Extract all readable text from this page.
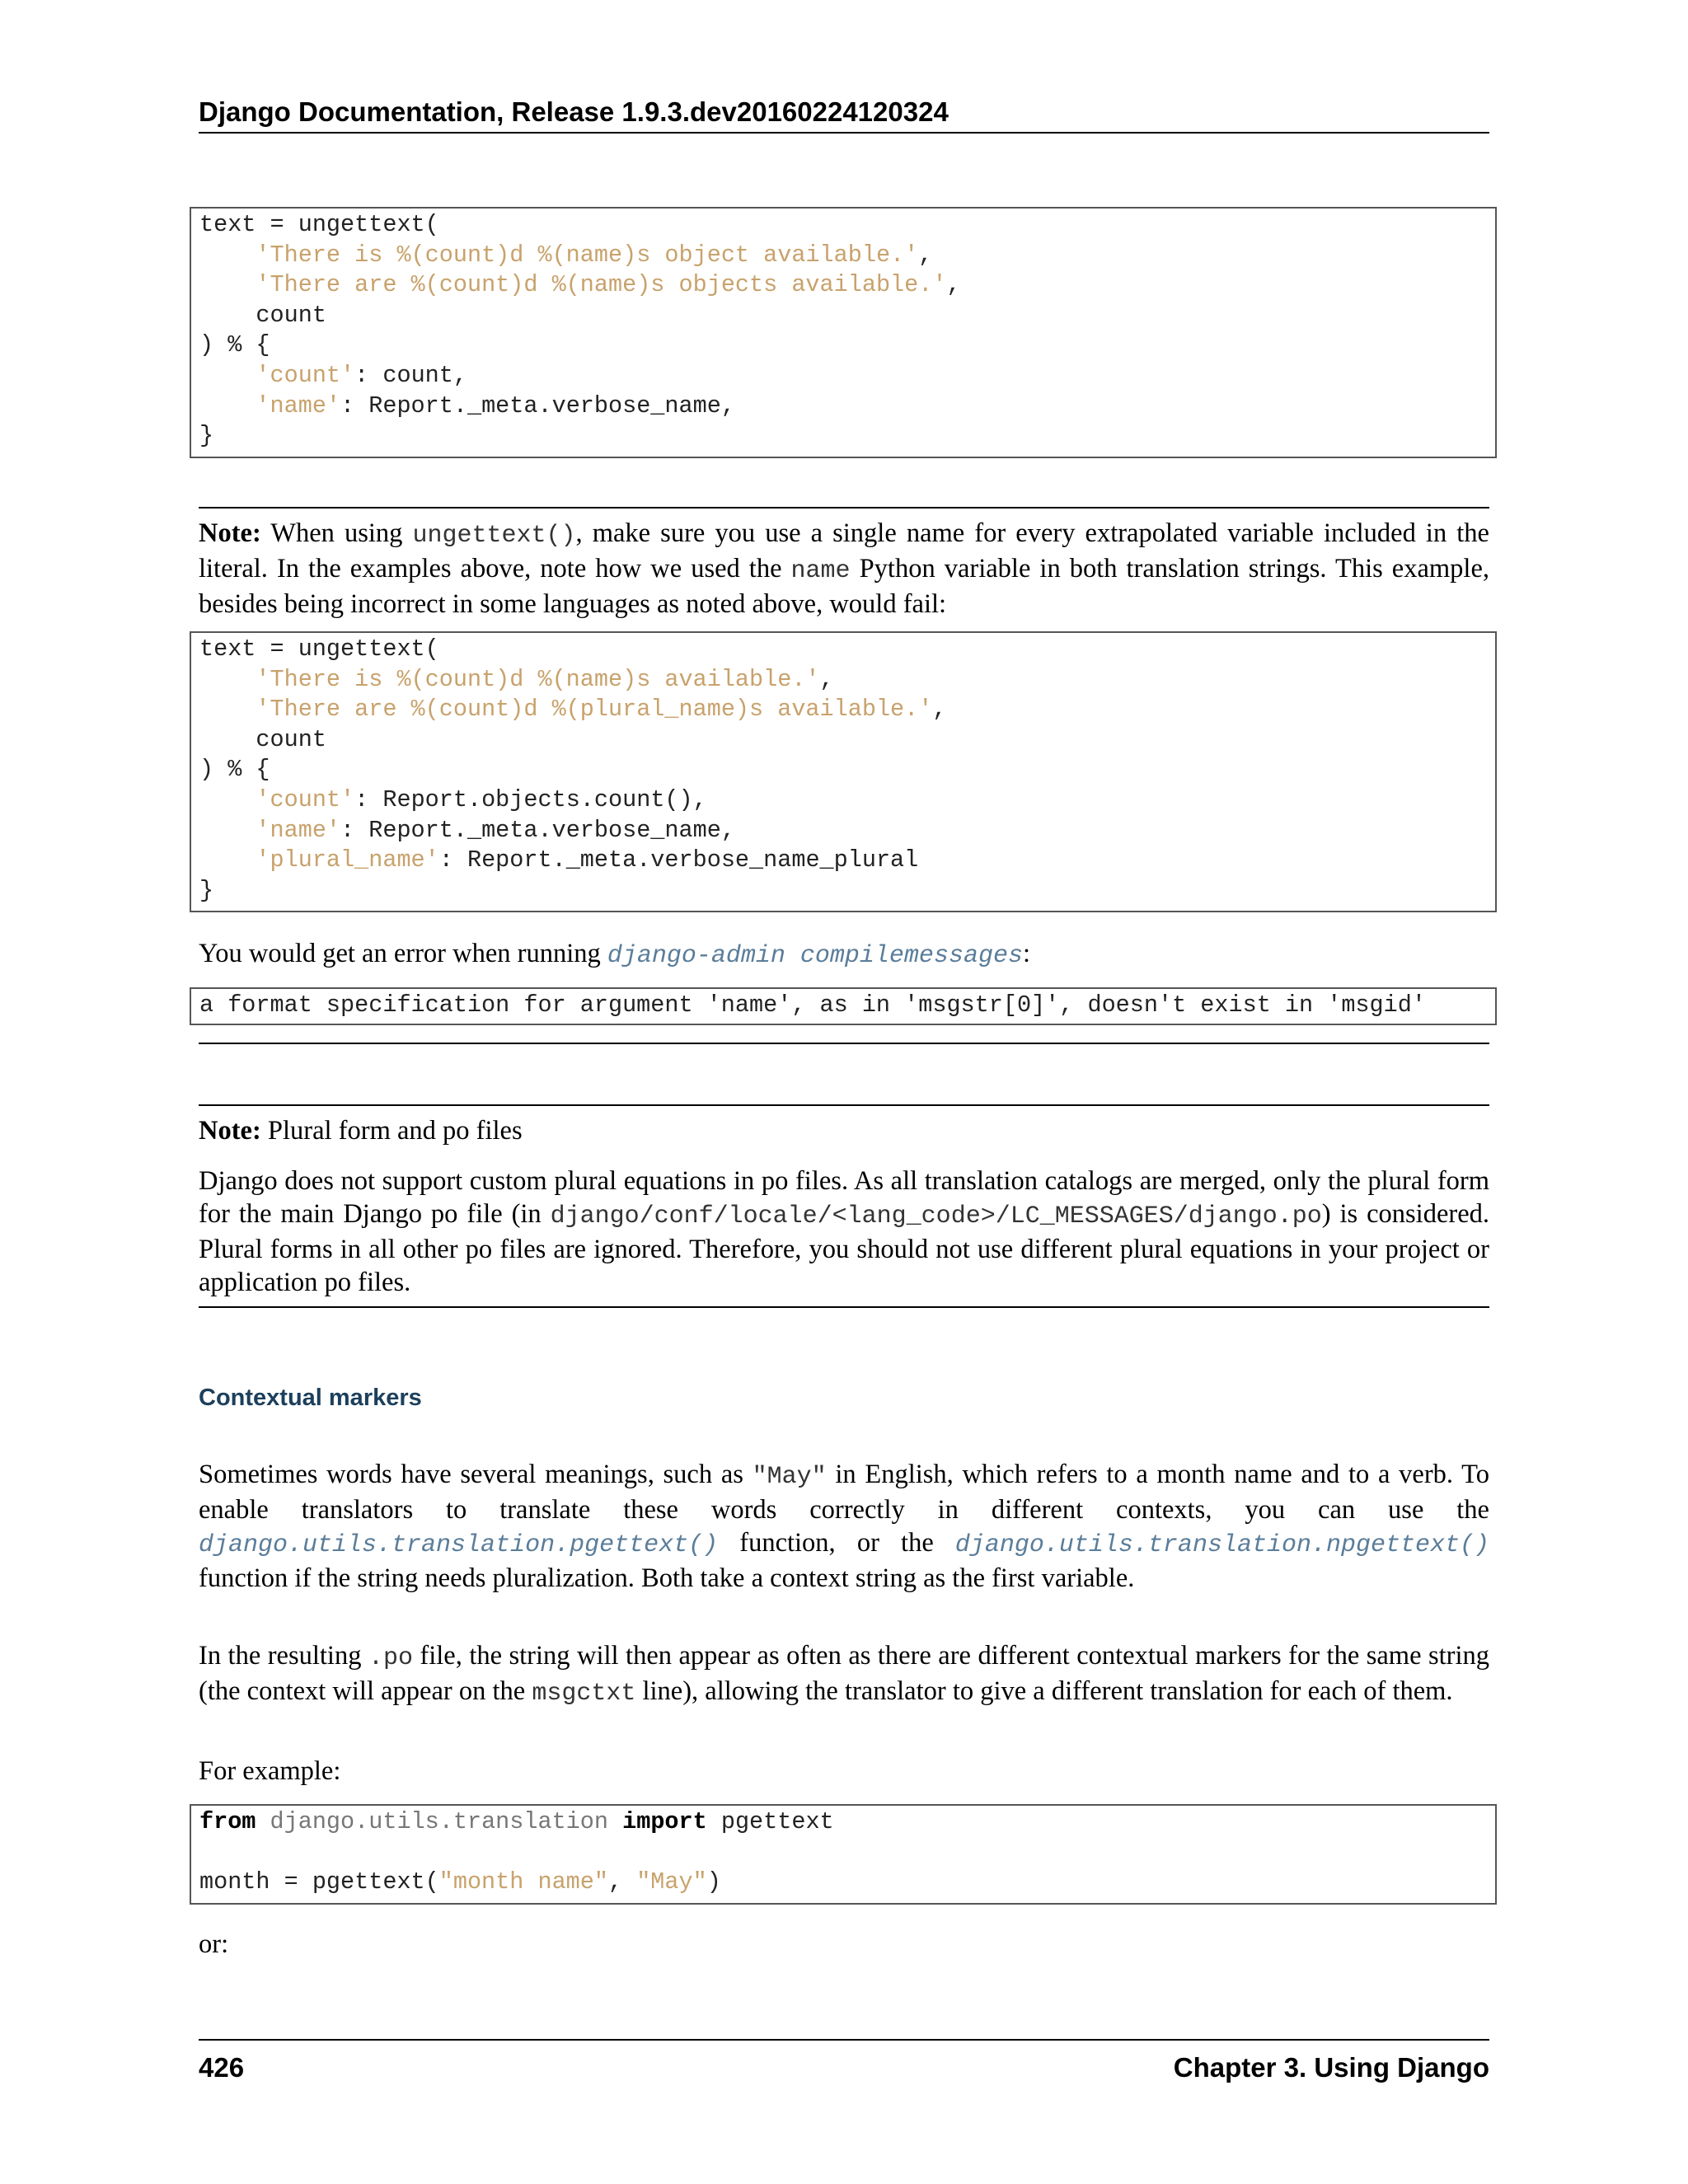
Django Documentation, Release 1.9.3.dev20160224120324
text = ungettext(
'There is %(count)d %(name)s object available.',
'There are %(count)d %(name)s objects available.',
count
) % {
'count': count,
'name': Report._meta.verbose_name,
}
Note: When using ungettext(), make sure you use a single name for every extrapolated variable included in the literal. In the examples above, note how we used the name Python variable in both translation strings. This example, besides being incorrect in some languages as noted above, would fail:
text = ungettext(
'There is %(count)d %(name)s available.',
'There are %(count)d %(plural_name)s available.',
count
) % {
'count': Report.objects.count(),
'name': Report._meta.verbose_name,
'plural_name': Report._meta.verbose_name_plural
}
You would get an error when running django-admin compilemessages:
a format specification for argument 'name', as in 'msgstr[0]', doesn't exist in 'msgid'
Note: Plural form and po files
Django does not support custom plural equations in po files. As all translation catalogs are merged, only the plural form for the main Django po file (in django/conf/locale/<lang_code>/LC_MESSAGES/django.po) is considered. Plural forms in all other po files are ignored. Therefore, you should not use different plural equations in your project or application po files.
Contextual markers
Sometimes words have several meanings, such as "May" in English, which refers to a month name and to a verb. To enable translators to translate these words correctly in different contexts, you can use the django.utils.translation.pgettext() function, or the django.utils.translation.npgettext() function if the string needs pluralization. Both take a context string as the first variable.
In the resulting .po file, the string will then appear as often as there are different contextual markers for the same string (the context will appear on the msgctxt line), allowing the translator to give a different translation for each of them.
For example:
from django.utils.translation import pgettext

month = pgettext("month name", "May")
or:
426	Chapter 3. Using Django
